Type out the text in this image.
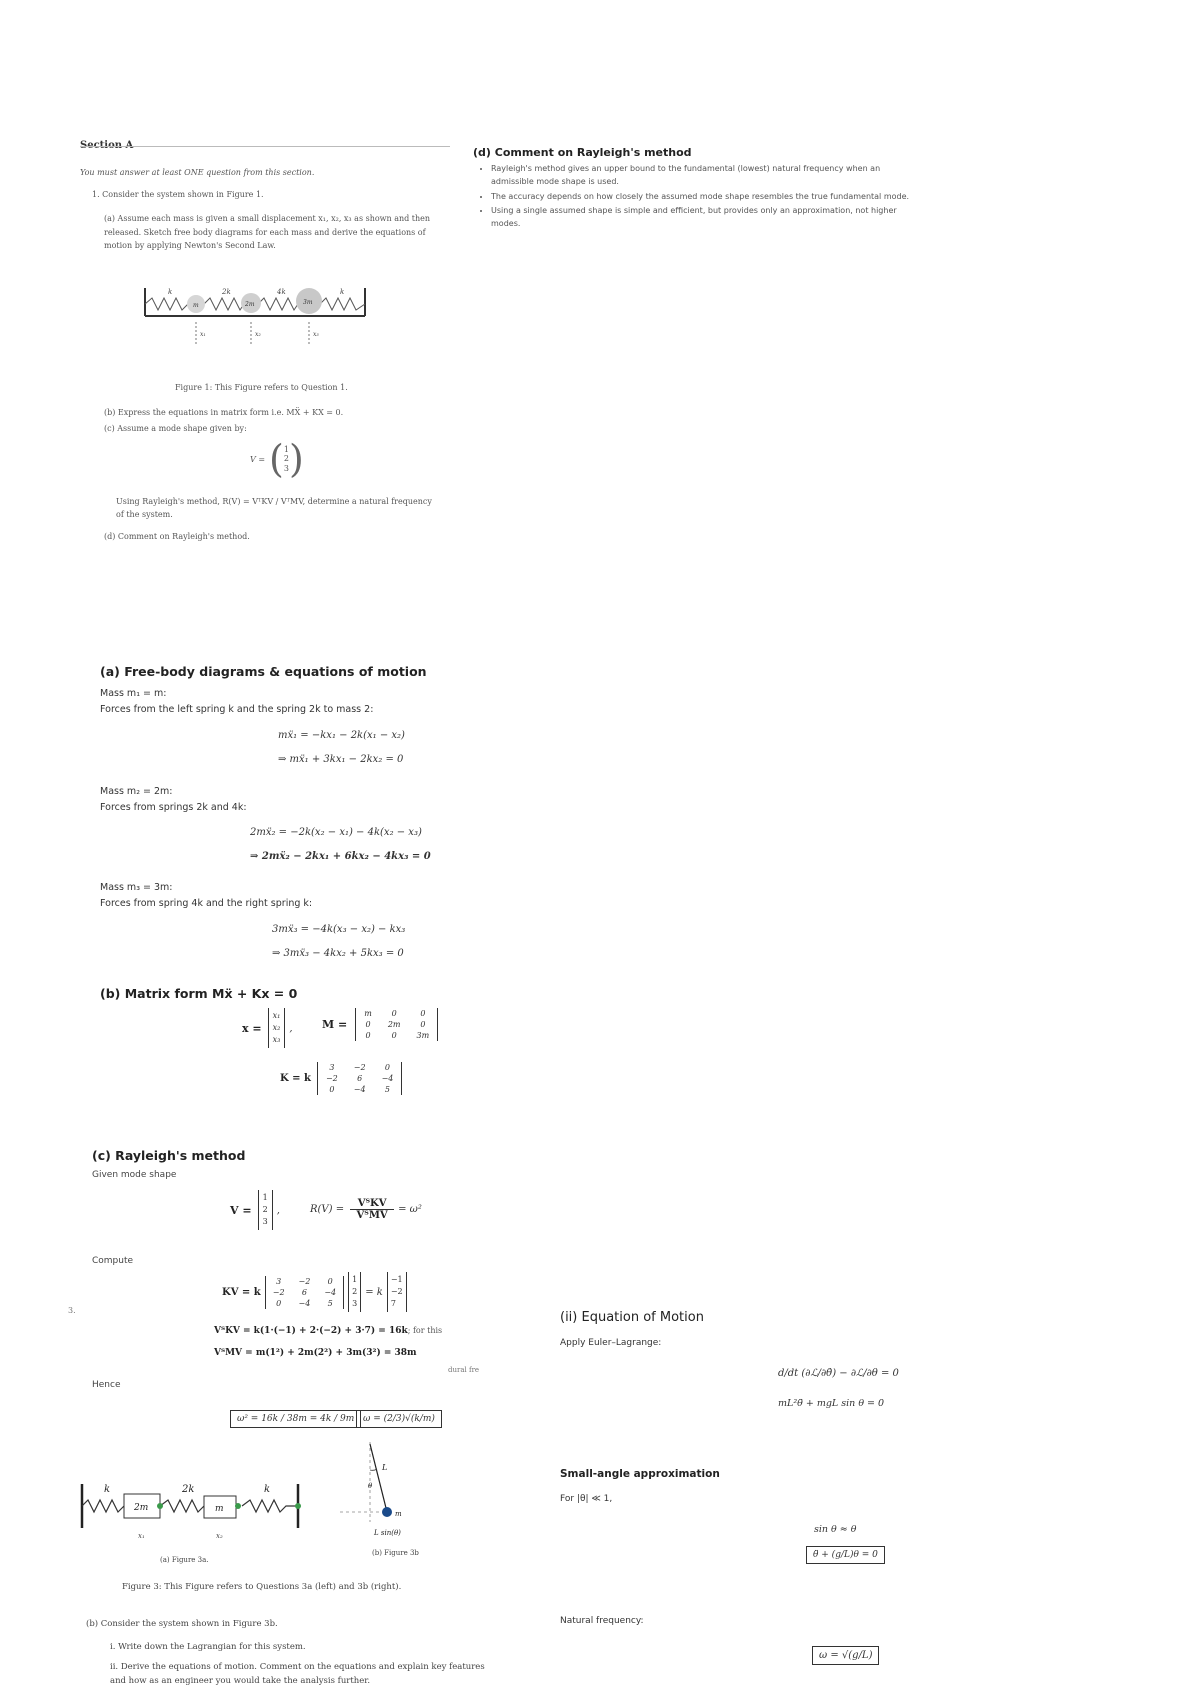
Section A
You must answer at least ONE question from this section.
1. Consider the system shown in Figure 1.
(a) Assume each mass is given a small displacement x₁, x₂, x₃ as shown and then released. Sketch free body diagrams for each mass and derive the equations of motion by applying Newton's Second Law.
k	2k	4k	k
m	2m	3m
x₁	x₂	x₃
Figure 1: This Figure refers to Question 1.
(b) Express the equations in matrix form i.e. MẌ + KX = 0.
(c) Assume a mode shape given by:
V = ( 1
2
3 )
Using Rayleigh's method, R(V) = VᵀKV / VᵀMV, determine a natural frequency of the system.
(d) Comment on Rayleigh's method.
(d) Comment on Rayleigh's method
• Rayleigh's method gives an upper bound to the fundamental (lowest) natural frequency when an admissible mode shape is used.
• The accuracy depends on how closely the assumed mode shape resembles the true fundamental mode.
• Using a single assumed shape is simple and efficient, but provides only an approximation, not higher modes.
(a) Free-body diagrams & equations of motion
Mass m₁ = m:
Forces from the left spring k and the spring 2k to mass 2:
mẍ₁ = −kx₁ − 2k(x₁ − x₂)
⇒ mẍ₁ + 3kx₁ − 2kx₂ = 0
Mass m₂ = 2m:
Forces from springs 2k and 4k:
2mẍ₂ = −2k(x₂ − x₁) − 4k(x₂ − x₃)
⇒ 2mẍ₂ − 2kx₁ + 6kx₂ − 4kx₃ = 0
Mass m₃ = 3m:
Forces from spring 4k and the right spring k:
3mẍ₃ = −4k(x₃ − x₂) − kx₃
⇒ 3mẍ₃ − 4kx₂ + 5kx₃ = 0
(b) Matrix form Mẍ + Kx = 0
x =
x₁
x₂
x₃
,	M =
m	0	0
0	2m	0
0	0	3m
K = k
3	−2	0
−2	6	−4
0	−4	5
(c) Rayleigh's method
Given mode shape
V =
1
2
3
,	R(V) =
VᵀKV
VᵀMV
= ω²
Compute
KV = k
3	−2	0
−2	6	−4
0	−4	5
1
2
3
= k
−1
−2
7
VᵀKV = k(1·(−1) + 2·(−2) + 3·7) = 16k; for this
VᵀMV = m(1²) + 2m(2²) + 3m(3²) = 38m
dural fre
Hence
ω² = 16k / 38m = 4k / 9m ω = (2/3)√(k/m)
3.
k	2k	k
2m	m
x₁	x₂
(a) Figure 3a.
L
θ
m
L sin(θ)
(b) Figure 3b
Figure 3: This Figure refers to Questions 3a (left) and 3b (right).
(b) Consider the system shown in Figure 3b.
i. Write down the Lagrangian for this system.
ii. Derive the equations of motion. Comment on the equations and explain key features and how as an engineer you would take the analysis further.
(ii) Equation of Motion
Apply Euler–Lagrange:
d/dt (∂ℒ/∂θ̇) − ∂ℒ/∂θ = 0
mL²θ̈ + mgL sin θ = 0
Small-angle approximation
For |θ| ≪ 1,
sin θ ≈ θ
θ̈ + (g/L)θ = 0
Natural frequency:
ω = √(g/L)
